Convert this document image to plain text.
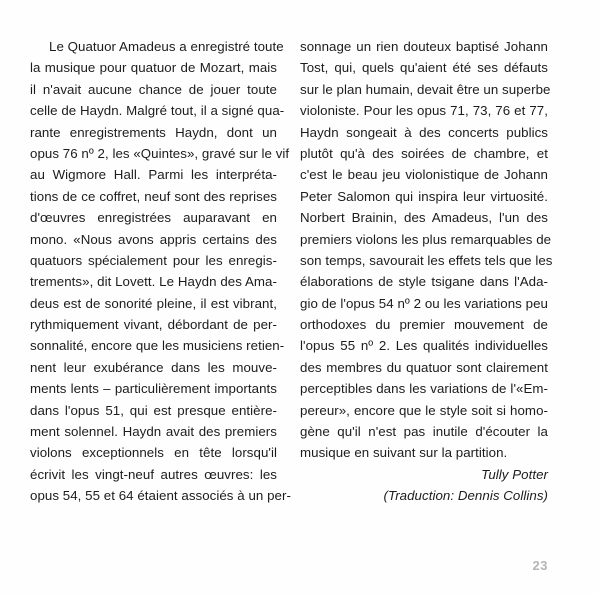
Le Quatuor Amadeus a enregistré toute
la musique pour quatuor de Mozart, mais
il n'avait aucune chance de jouer toute
celle de Haydn. Malgré tout, il a signé qua-
rante enregistrements Haydn, dont un
opus 76 nº 2, les «Quintes», gravé sur le vif
au Wigmore Hall. Parmi les interpréta-
tions de ce coffret, neuf sont des reprises
d'œuvres enregistrées auparavant en
mono. «Nous avons appris certains des
quatuors spécialement pour les enregis-
trements», dit Lovett. Le Haydn des Ama-
deus est de sonorité pleine, il est vibrant,
rythmiquement vivant, débordant de per-
sonnalité, encore que les musiciens retien-
nent leur exubérance dans les mouve-
ments lents – particulièrement importants
dans l'opus 51, qui est presque entière-
ment solennel. Haydn avait des premiers
violons exceptionnels en tête lorsqu'il
écrivit les vingt-neuf autres œuvres: les
opus 54, 55 et 64 étaient associés à un per-
sonnage un rien douteux baptisé Johann
Tost, qui, quels qu'aient été ses défauts
sur le plan humain, devait être un superbe
violoniste. Pour les opus 71, 73, 76 et 77,
Haydn songeait à des concerts publics
plutôt qu'à des soirées de chambre, et
c'est le beau jeu violonistique de Johann
Peter Salomon qui inspira leur virtuosité.
Norbert Brainin, des Amadeus, l'un des
premiers violons les plus remarquables de
son temps, savourait les effets tels que les
élaborations de style tsigane dans l'Ada-
gio de l'opus 54 nº 2 ou les variations peu
orthodoxes du premier mouvement de
l'opus 55 nº 2. Les qualités individuelles
des membres du quatuor sont clairement
perceptibles dans les variations de l'«Em-
pereur», encore que le style soit si homo-
gène qu'il n'est pas inutile d'écouter la
musique en suivant sur la partition.
Tully Potter
(Traduction: Dennis Collins)
23
